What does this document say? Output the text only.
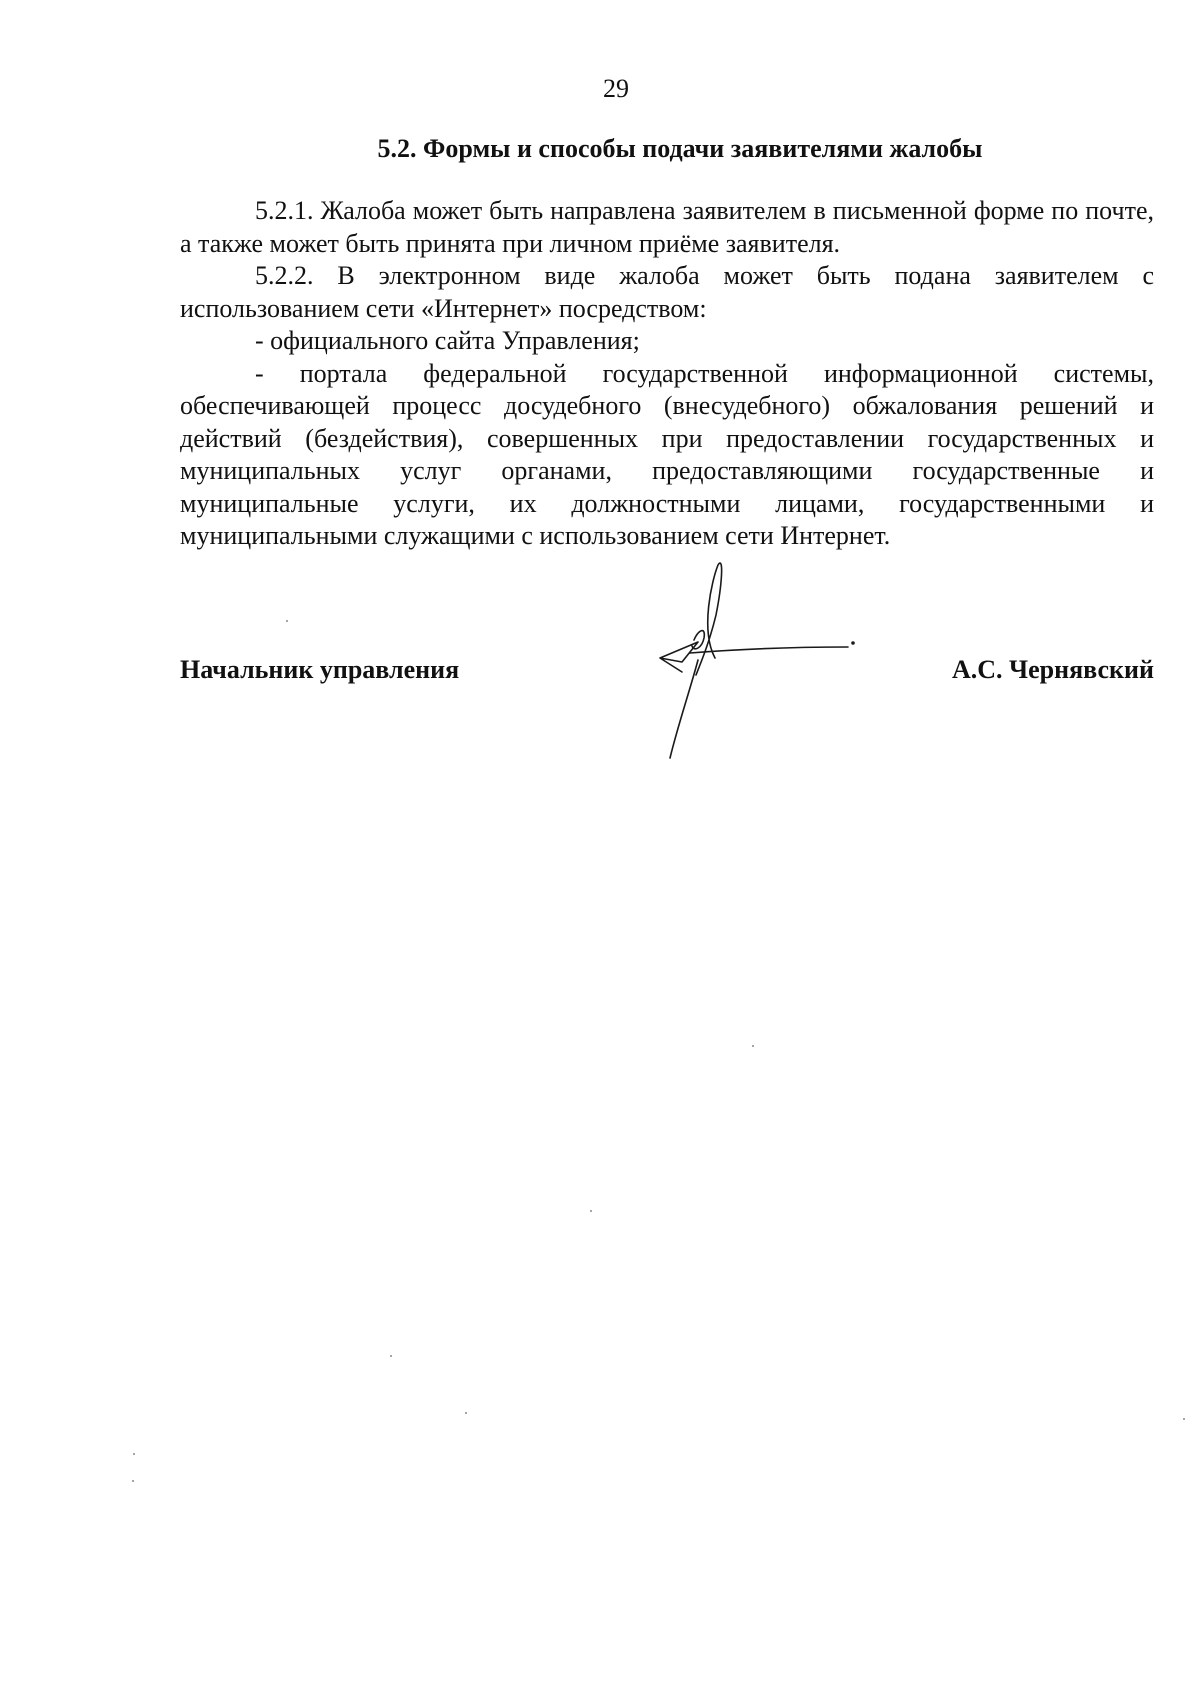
29
5.2. Формы и способы подачи заявителями жалобы

5.2.1. Жалоба может быть направлена заявителем в письменной форме по почте, а также может быть принята при личном приёме заявителя.

5.2.2. В электронном виде жалоба может быть подана заявителем с использованием сети «Интернет» посредством:

- официального сайта Управления;

- портала федеральной государственной информационной системы, обеспечивающей процесс досудебного (внесудебного) обжалования решений и действий (бездействия), совершенных при предоставлении государственных и муниципальных услуг органами, предоставляющими государственные и муниципальные услуги, их должностными лицами, государственными и муниципальными служащими с использованием сети Интернет.

Начальник управления	А.С. Чернявский
